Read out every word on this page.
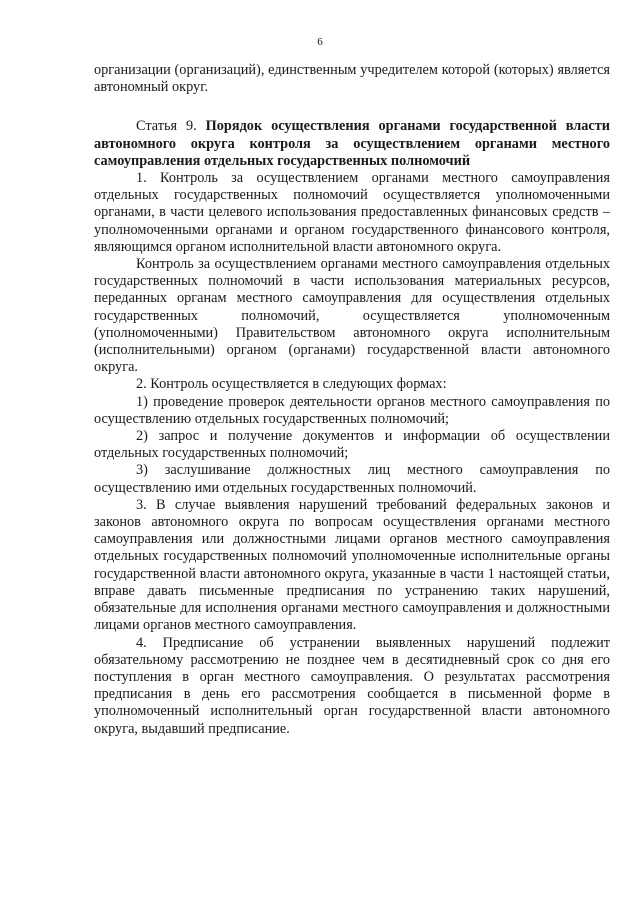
6

организации (организаций), единственным учредителем которой (которых) является автономный округ.

Статья 9. Порядок осуществления органами государственной власти автономного округа контроля за осуществлением органами местного самоуправления отдельных государственных полномочий

1. Контроль за осуществлением органами местного самоуправления отдельных государственных полномочий осуществляется уполномоченными органами, в части целевого использования предоставленных финансовых средств – уполномоченными органами и органом государственного финансового контроля, являющимся органом исполнительной власти автономного округа.

Контроль за осуществлением органами местного самоуправления отдельных государственных полномочий в части использования материальных ресурсов, переданных органам местного самоуправления для осуществления отдельных государственных полномочий, осуществляется уполномоченным (уполномоченными) Правительством автономного округа исполнительным (исполнительными) органом (органами) государственной власти автономного округа.

2. Контроль осуществляется в следующих формах:

1) проведение проверок деятельности органов местного самоуправления по осуществлению отдельных государственных полномочий;

2) запрос и получение документов и информации об осуществлении отдельных государственных полномочий;

3) заслушивание должностных лиц местного самоуправления по осуществлению ими отдельных государственных полномочий.

3. В случае выявления нарушений требований федеральных законов и законов автономного округа по вопросам осуществления органами местного самоуправления или должностными лицами органов местного самоуправления отдельных государственных полномочий уполномоченные исполнительные органы государственной власти автономного округа, указанные в части 1 настоящей статьи, вправе давать письменные предписания по устранению таких нарушений, обязательные для исполнения органами местного самоуправления и должностными лицами органов местного самоуправления.

4. Предписание об устранении выявленных нарушений подлежит обязательному рассмотрению не позднее чем в десятидневный срок со дня его поступления в орган местного самоуправления. О результатах рассмотрения предписания в день его рассмотрения сообщается в письменной форме в уполномоченный исполнительный орган государственной власти автономного округа, выдавший предписание.
